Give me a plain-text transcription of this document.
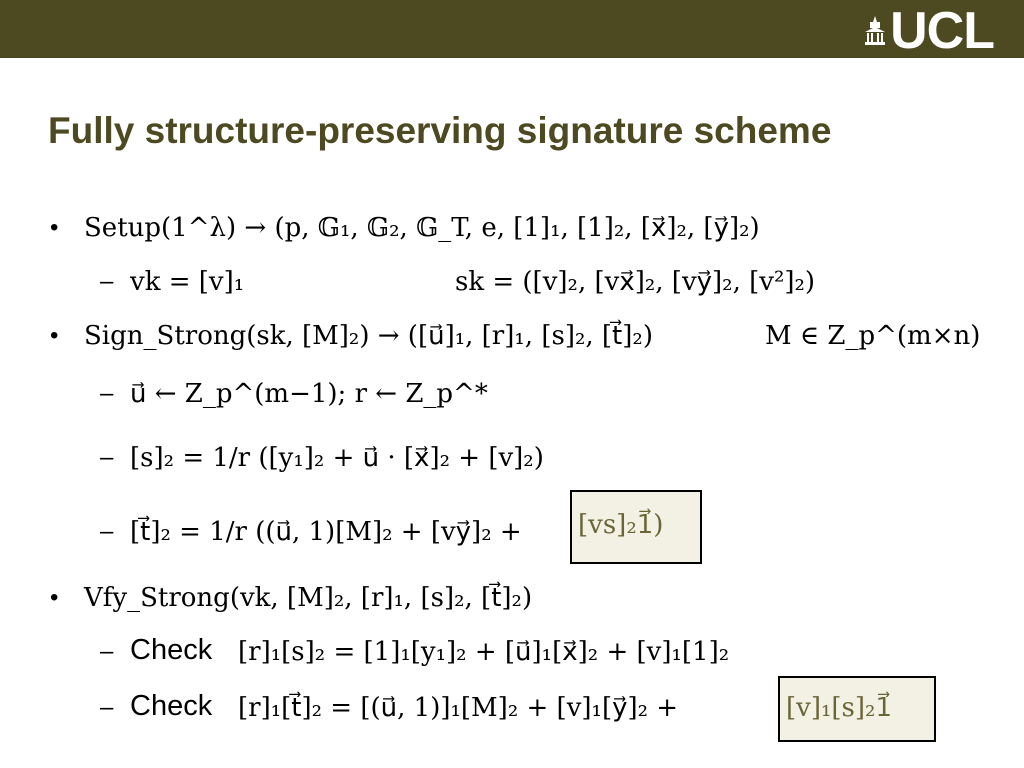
UCL
Fully structure-preserving signature scheme
• Setup(1^λ) → (p, 𝔾₁, 𝔾₂, 𝔾_T, e, [1]₁, [1]₂, [x⃗]₂, [y⃗]₂)
– vk = [v]₁	sk = ([v]₂, [vx⃗]₂, [vy⃗]₂, [v²]₂)
• Sign_Strong(sk, [M]₂) → ([u⃗]₁, [r]₁, [s]₂, [t⃗]₂)	M ∈ Z_p^(m×n)
– u⃗ ← Z_p^(m−1); r ← Z_p^*
– [s]₂ = 1/r ([y₁]₂ + u⃗ · [x⃗]₂ + [v]₂)
– [t⃗]₂ = 1/r ((u⃗, 1)[M]₂ + [vy⃗]₂ + [vs]₂1⃗)
• Vfy_Strong(vk, [M]₂, [r]₁, [s]₂, [t⃗]₂)
– Check [r]₁[s]₂ = [1]₁[y₁]₂ + [u⃗]₁[x⃗]₂ + [v]₁[1]₂
– Check [r]₁[t⃗]₂ = [(u⃗, 1)]₁[M]₂ + [v]₁[y⃗]₂ +	[v]₁[s]₂1⃗
